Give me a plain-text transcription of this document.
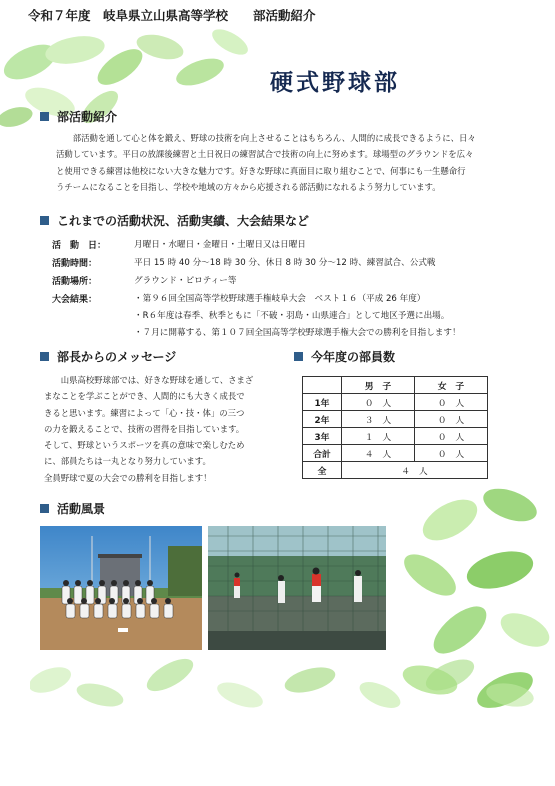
令和７年度　岐阜県立山県高等学校　　部活動紹介
硬式野球部
部活動紹介

部活動を通して心と体を鍛え、野球の技術を向上させることはもちろん、人間的に成長できるように、日々

活動しています。平日の放課後練習と土日祝日の練習試合で技術の向上に努めます。球場型のグラウンドを広々

と使用できる練習は他校にない大きな魅力です。好きな野球に真面目に取り組むことで、何事にも一生懸命行

うチームになることを目指し、学校や地域の方々から応援される部活動になれるよう努力しています。

これまでの活動状況、活動実績、大会結果など
活　動　日：	月曜日・水曜日・金曜日・土曜日又は日曜日
活動時間：	平日 15 時 40 分～18 時 30 分、休日 8 時 30 分～12 時、練習試合、公式戦
活動場所：	グラウンド・ピロティー等
大会結果：	・第９６回全国高等学校野球選手権岐阜大会　ベスト１６（平成 26 年度）
・R６年度は春季、秋季ともに「不破・羽島・山県連合」として地区予選に出場。
・７月に開幕する、第１０７回全国高等学校野球選手権大会での勝利を目指します！
部長からのメッセージ

山県高校野球部では、好きな野球を通して、さまざ

まなことを学ぶことができ、人間的にも大きく成長で

きると思います。練習によって「心・技・体」の三つ

の力を鍛えることで、技術の習得を目指しています。

そして、野球というスポーツを真の意味で楽しむため

に、部員たちは一丸となり努力しています。

全員野球で夏の大会での勝利を目指します！

今年度の部員数
	男　子	女　子
1年	０　人	０　人
2年	３　人	０　人
3年	１　人	０　人
合計	４　人	０　人
全	４　人	
活動風景
